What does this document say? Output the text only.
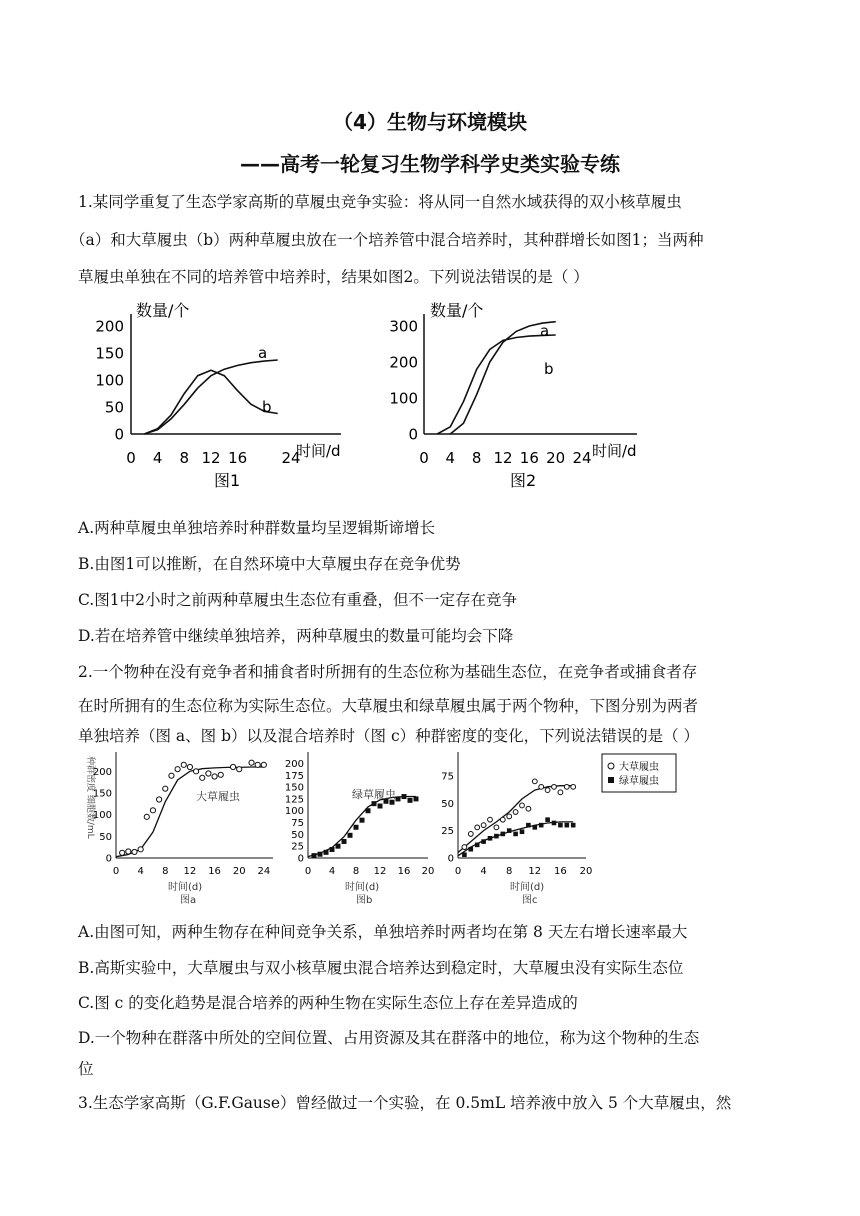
（4）生物与环境模块
——高考一轮复习生物学科学史类实验专练
1.某同学重复了生态学家高斯的草履虫竞争实验：将从同一自然水域获得的双小核草履虫
（a）和大草履虫（b）两种草履虫放在一个培养管中混合培养时，其种群增长如图1；当两种
草履虫单独在不同的培养管中培养时，结果如图2。下列说法错误的是（ ）
数量/个
时间/d
0 4 8 12 16 24
0
50
100
150
200
a
b
图1
数量/个
时间/d
0 4 8 12 16 20 24
0
100
200
300	a
b
图2
A.两种草履虫单独培养时种群数量均呈逻辑斯谛增长
B.由图1可以推断，在自然环境中大草履虫存在竞争优势
C.图1中2小时之前两种草履虫生态位有重叠，但不一定存在竞争
D.若在培养管中继续单独培养，两种草履虫的数量可能均会下降
2.一个物种在没有竞争者和捕食者时所拥有的生态位称为基础生态位，在竞争者或捕食者存
在时所拥有的生态位称为实际生态位。大草履虫和绿草履虫属于两个物种，下图分别为两者
单独培养（图 a、图 b）以及混合培养时（图 c）种群密度的变化，下列说法错误的是（ ）
种群密度 细胞数/mL
0 4 8 12 16 20 24
0
50
100
150
200
大草履虫
时间(d)
图a
0 4 8 12 16 20
0
25
50
75
100
125
150
175
200
绿草履虫
时间(d)
图b
0 4 8 12 16 20
0
25
50
75
大草履虫
绿草履虫
时间(d)
图c
A.由图可知，两种生物存在种间竞争关系，单独培养时两者均在第 8 天左右增长速率最大
B.高斯实验中，大草履虫与双小核草履虫混合培养达到稳定时，大草履虫没有实际生态位
C.图 c 的变化趋势是混合培养的两种生物在实际生态位上存在差异造成的
D.一个物种在群落中所处的空间位置、占用资源及其在群落中的地位，称为这个物种的生态
位
3.生态学家高斯（G.F.Gause）曾经做过一个实验，在 0.5mL 培养液中放入 5 个大草履虫，然
